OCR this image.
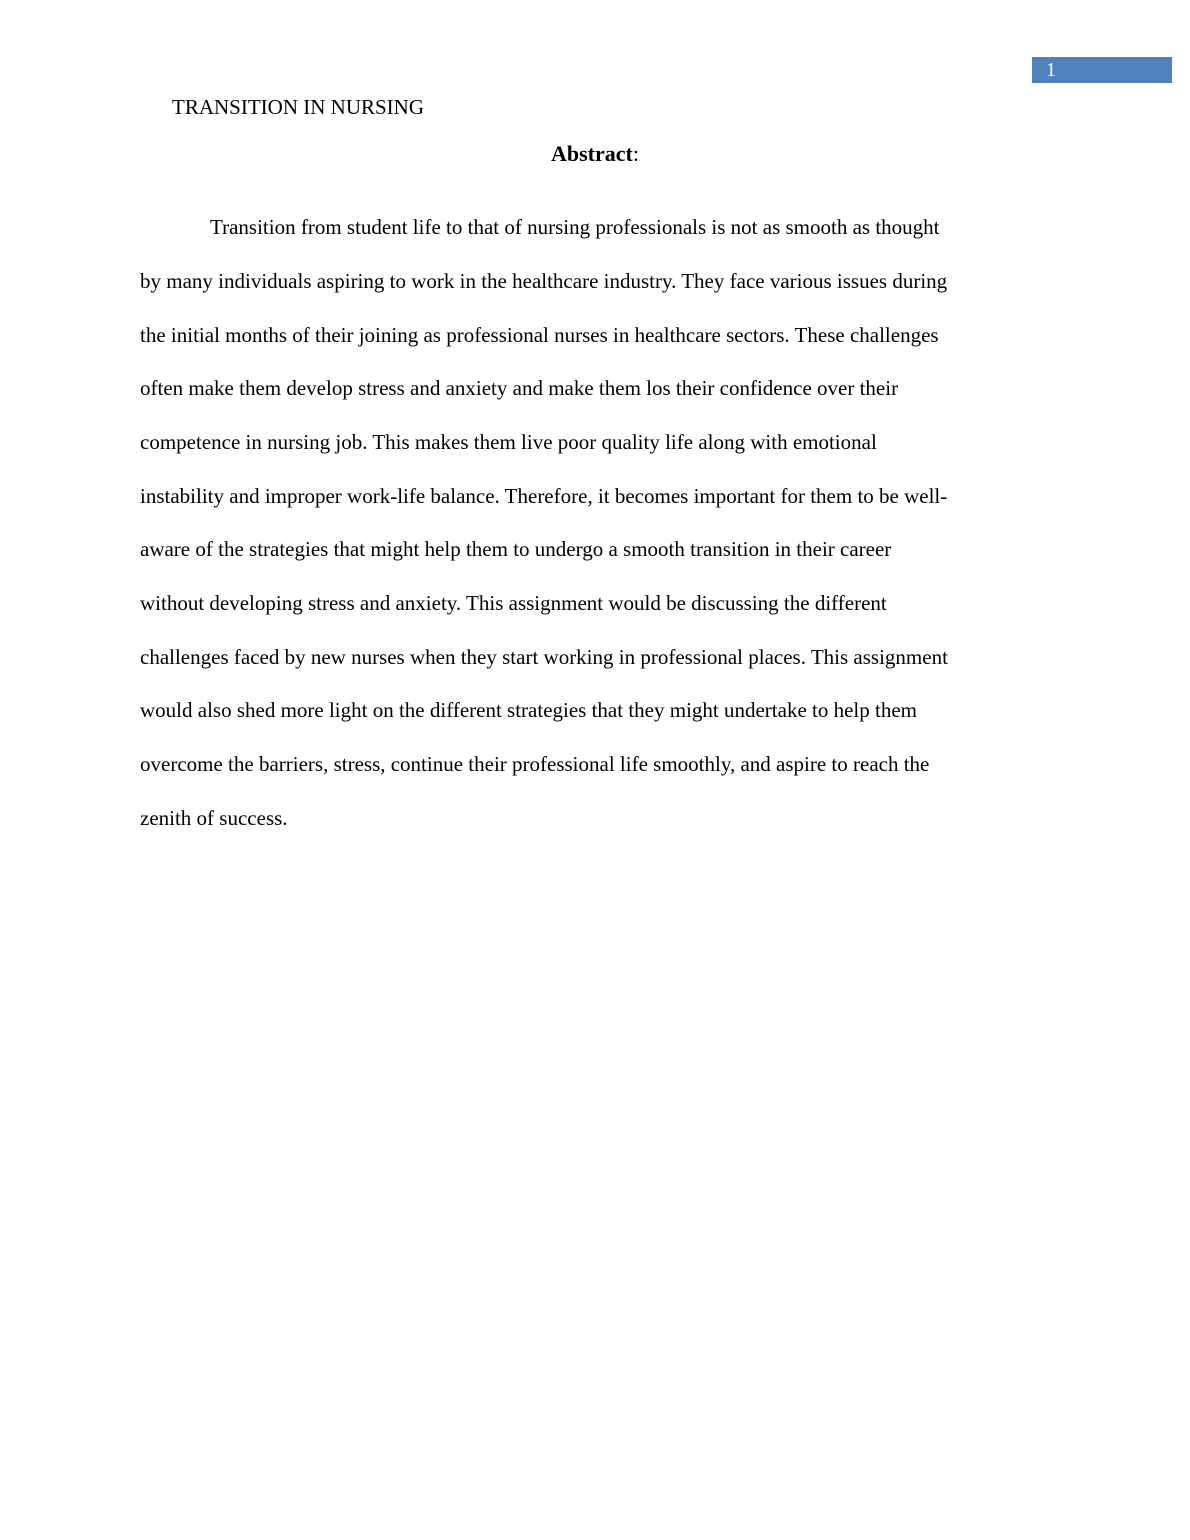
1
TRANSITION IN NURSING
Abstract:
Transition from student life to that of nursing professionals is not as smooth as thought
by many individuals aspiring to work in the healthcare industry. They face various issues during
the initial months of their joining as professional nurses in healthcare sectors. These challenges
often make them develop stress and anxiety and make them los their confidence over their
competence in nursing job. This makes them live poor quality life along with emotional
instability and improper work-life balance. Therefore, it becomes important for them to be well-
aware of the strategies that might help them to undergo a smooth transition in their career
without developing stress and anxiety. This assignment would be discussing the different
challenges faced by new nurses when they start working in professional places. This assignment
would also shed more light on the different strategies that they might undertake to help them
overcome the barriers, stress, continue their professional life smoothly, and aspire to reach the
zenith of success.
